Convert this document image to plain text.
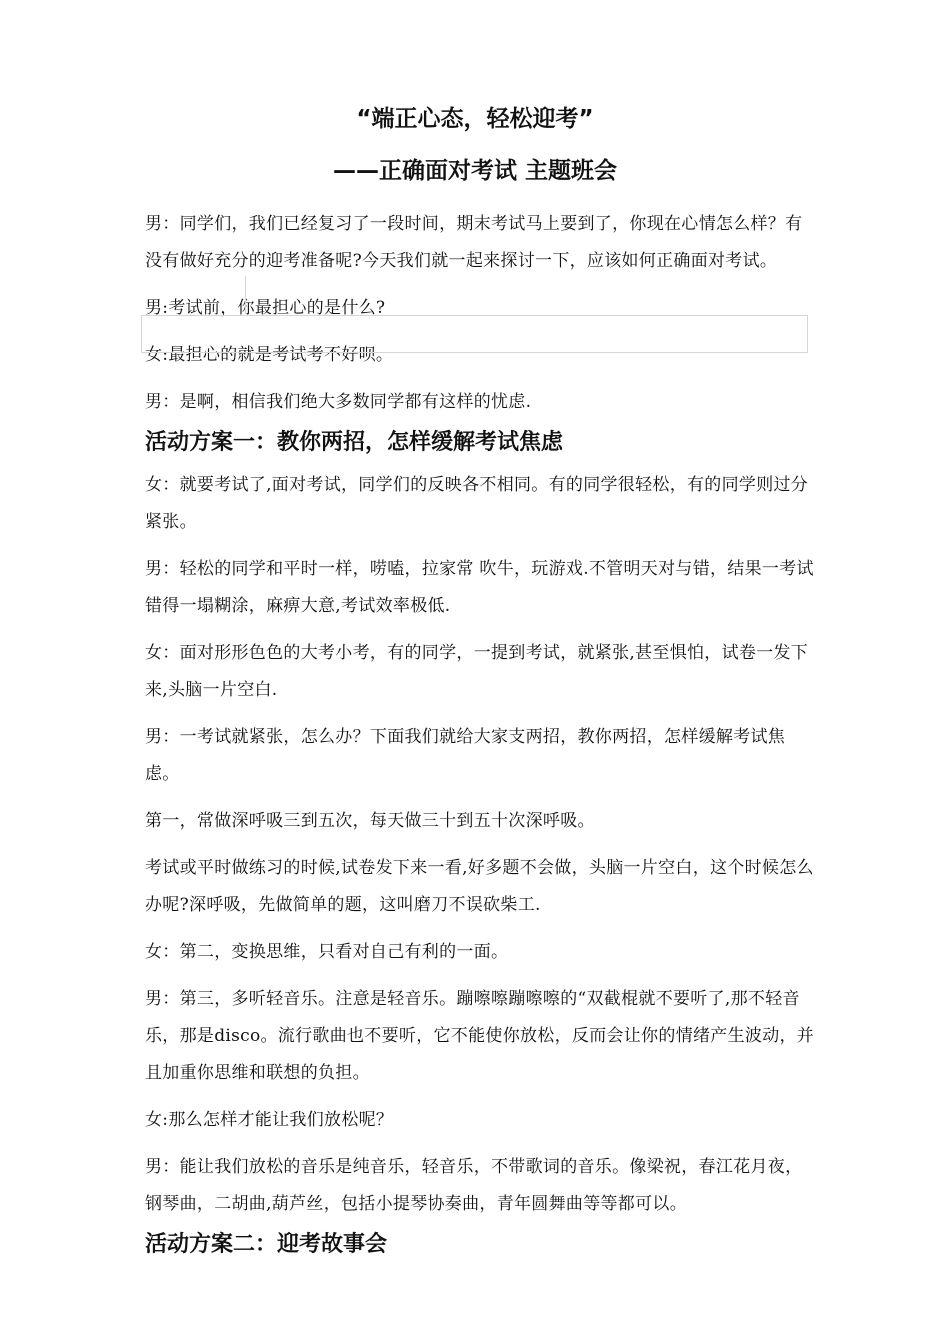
“端正心态，轻松迎考”
——正确面对考试 主题班会

男：同学们，我们已经复习了一段时间，期末考试马上要到了，你现在心情怎么样？有没有做好充分的迎考准备呢?今天我们就一起来探讨一下，应该如何正确面对考试。

男:考试前，你最担心的是什么?

女:最担心的就是考试考不好呗。

男：是啊，相信我们绝大多数同学都有这样的忧虑.

活动方案一：教你两招，怎样缓解考试焦虑

女：就要考试了,面对考试，同学们的反映各不相同。有的同学很轻松，有的同学则过分紧张。

男：轻松的同学和平时一样，唠嗑，拉家常 吹牛，玩游戏.不管明天对与错，结果一考试错得一塌糊涂，麻痹大意,考试效率极低.

女：面对形形色色的大考小考，有的同学，一提到考试，就紧张,甚至惧怕，试卷一发下来,头脑一片空白.

男：一考试就紧张，怎么办？下面我们就给大家支两招，教你两招，怎样缓解考试焦虑。

第一，常做深呼吸三到五次，每天做三十到五十次深呼吸。

考试或平时做练习的时候,试卷发下来一看,好多题不会做，头脑一片空白，这个时候怎么办呢?深呼吸，先做简单的题，这叫磨刀不误砍柴工.

女：第二，变换思维，只看对自己有利的一面。

男：第三，多听轻音乐。注意是轻音乐。蹦嚓嚓蹦嚓嚓的“双截棍就不要听了,那不轻音乐，那是disco。流行歌曲也不要听，它不能使你放松，反而会让你的情绪产生波动，并且加重你思维和联想的负担。

女:那么怎样才能让我们放松呢？

男：能让我们放松的音乐是纯音乐，轻音乐，不带歌词的音乐。像梁祝，春江花月夜，钢琴曲，二胡曲,葫芦丝，包括小提琴协奏曲，青年圆舞曲等等都可以。

活动方案二：迎考故事会
